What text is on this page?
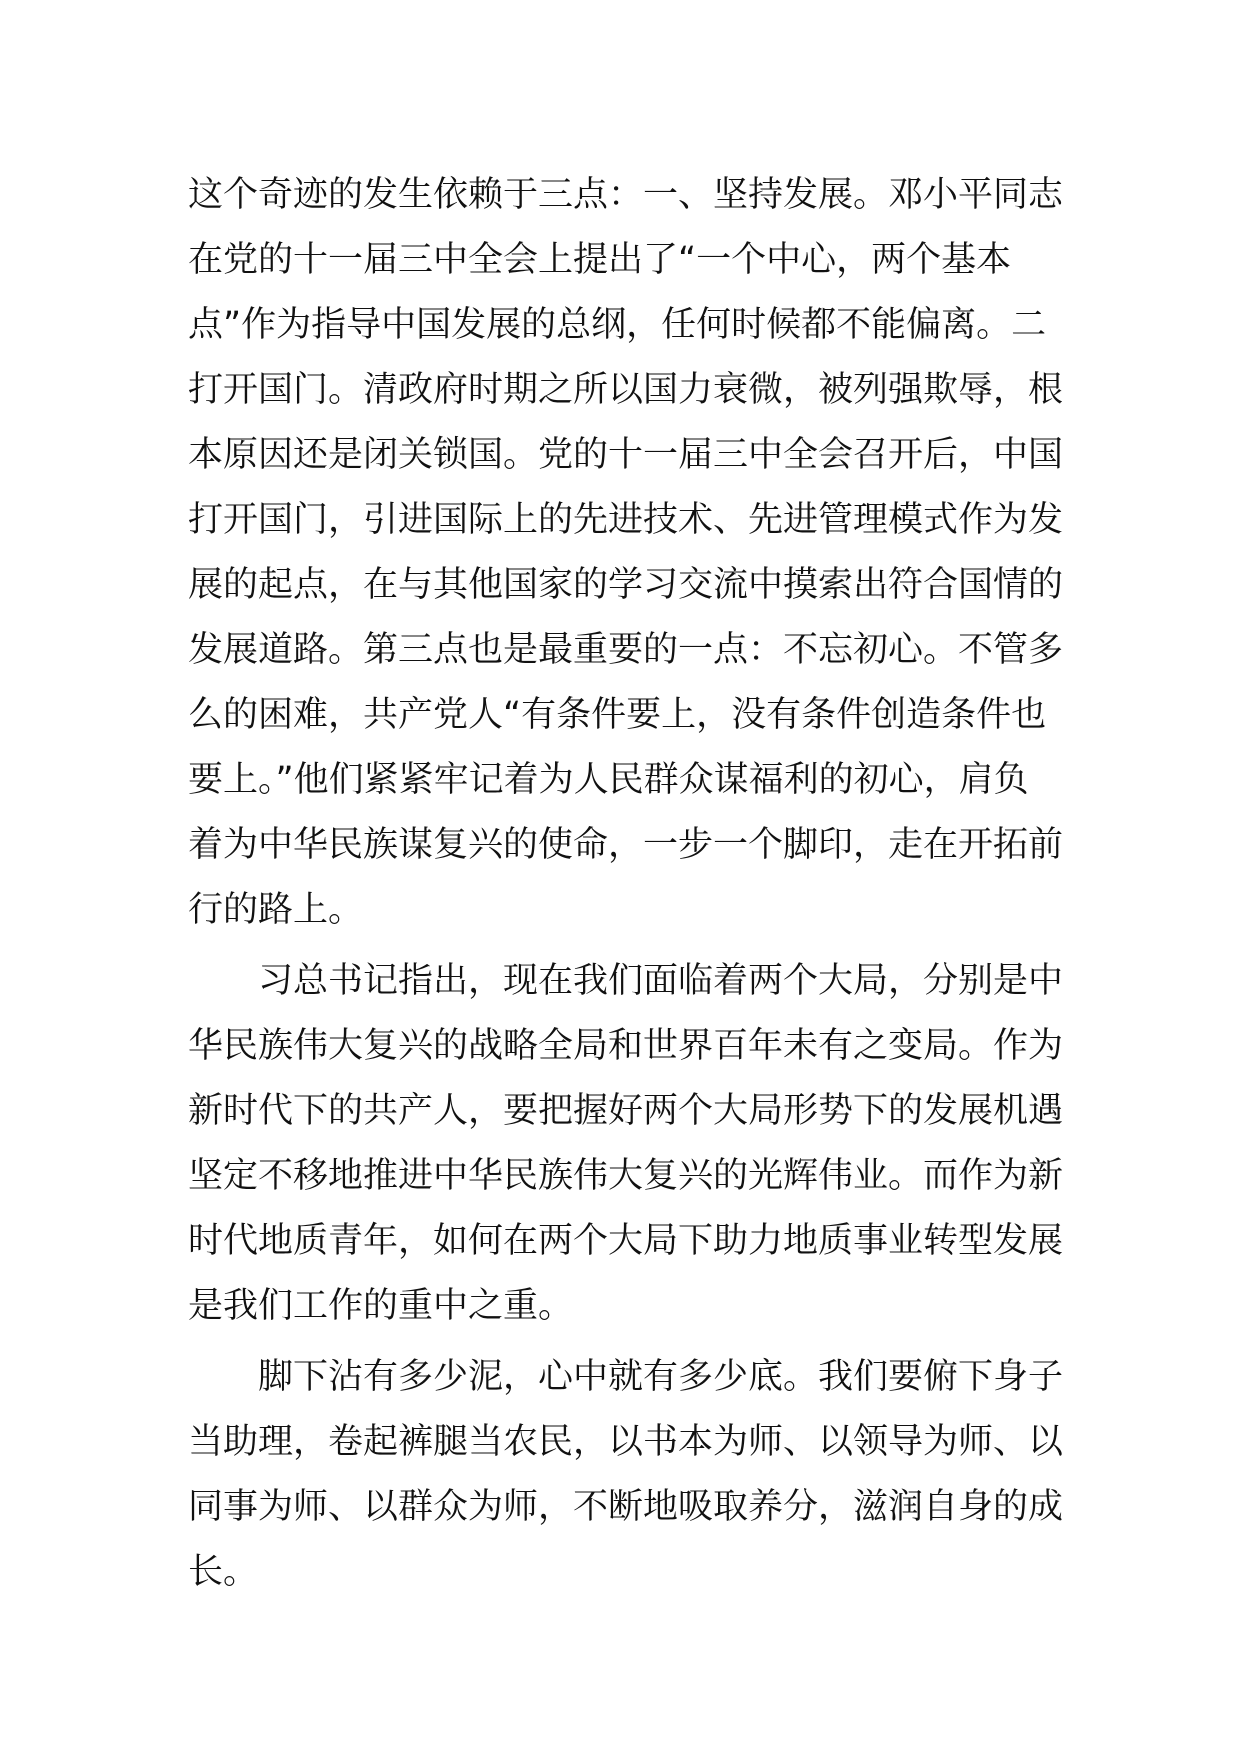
这个奇迹的发生依赖于三点：一、坚持发展。邓小平同志
在党的十一届三中全会上提出了“一个中心，两个基本
点”作为指导中国发展的总纲，任何时候都不能偏离。二
打开国门。清政府时期之所以国力衰微，被列强欺辱，根
本原因还是闭关锁国。党的十一届三中全会召开后，中国
打开国门，引进国际上的先进技术、先进管理模式作为发
展的起点，在与其他国家的学习交流中摸索出符合国情的
发展道路。第三点也是最重要的一点：不忘初心。不管多
么的困难，共产党人“有条件要上，没有条件创造条件也
要上。”他们紧紧牢记着为人民群众谋福利的初心，肩负
着为中华民族谋复兴的使命，一步一个脚印，走在开拓前
行的路上。
习总书记指出，现在我们面临着两个大局，分别是中
华民族伟大复兴的战略全局和世界百年未有之变局。作为
新时代下的共产人，要把握好两个大局形势下的发展机遇
坚定不移地推进中华民族伟大复兴的光辉伟业。而作为新
时代地质青年，如何在两个大局下助力地质事业转型发展
是我们工作的重中之重。
脚下沾有多少泥，心中就有多少底。我们要俯下身子
当助理，卷起裤腿当农民，以书本为师、以领导为师、以
同事为师、以群众为师，不断地吸取养分，滋润自身的成
长。
